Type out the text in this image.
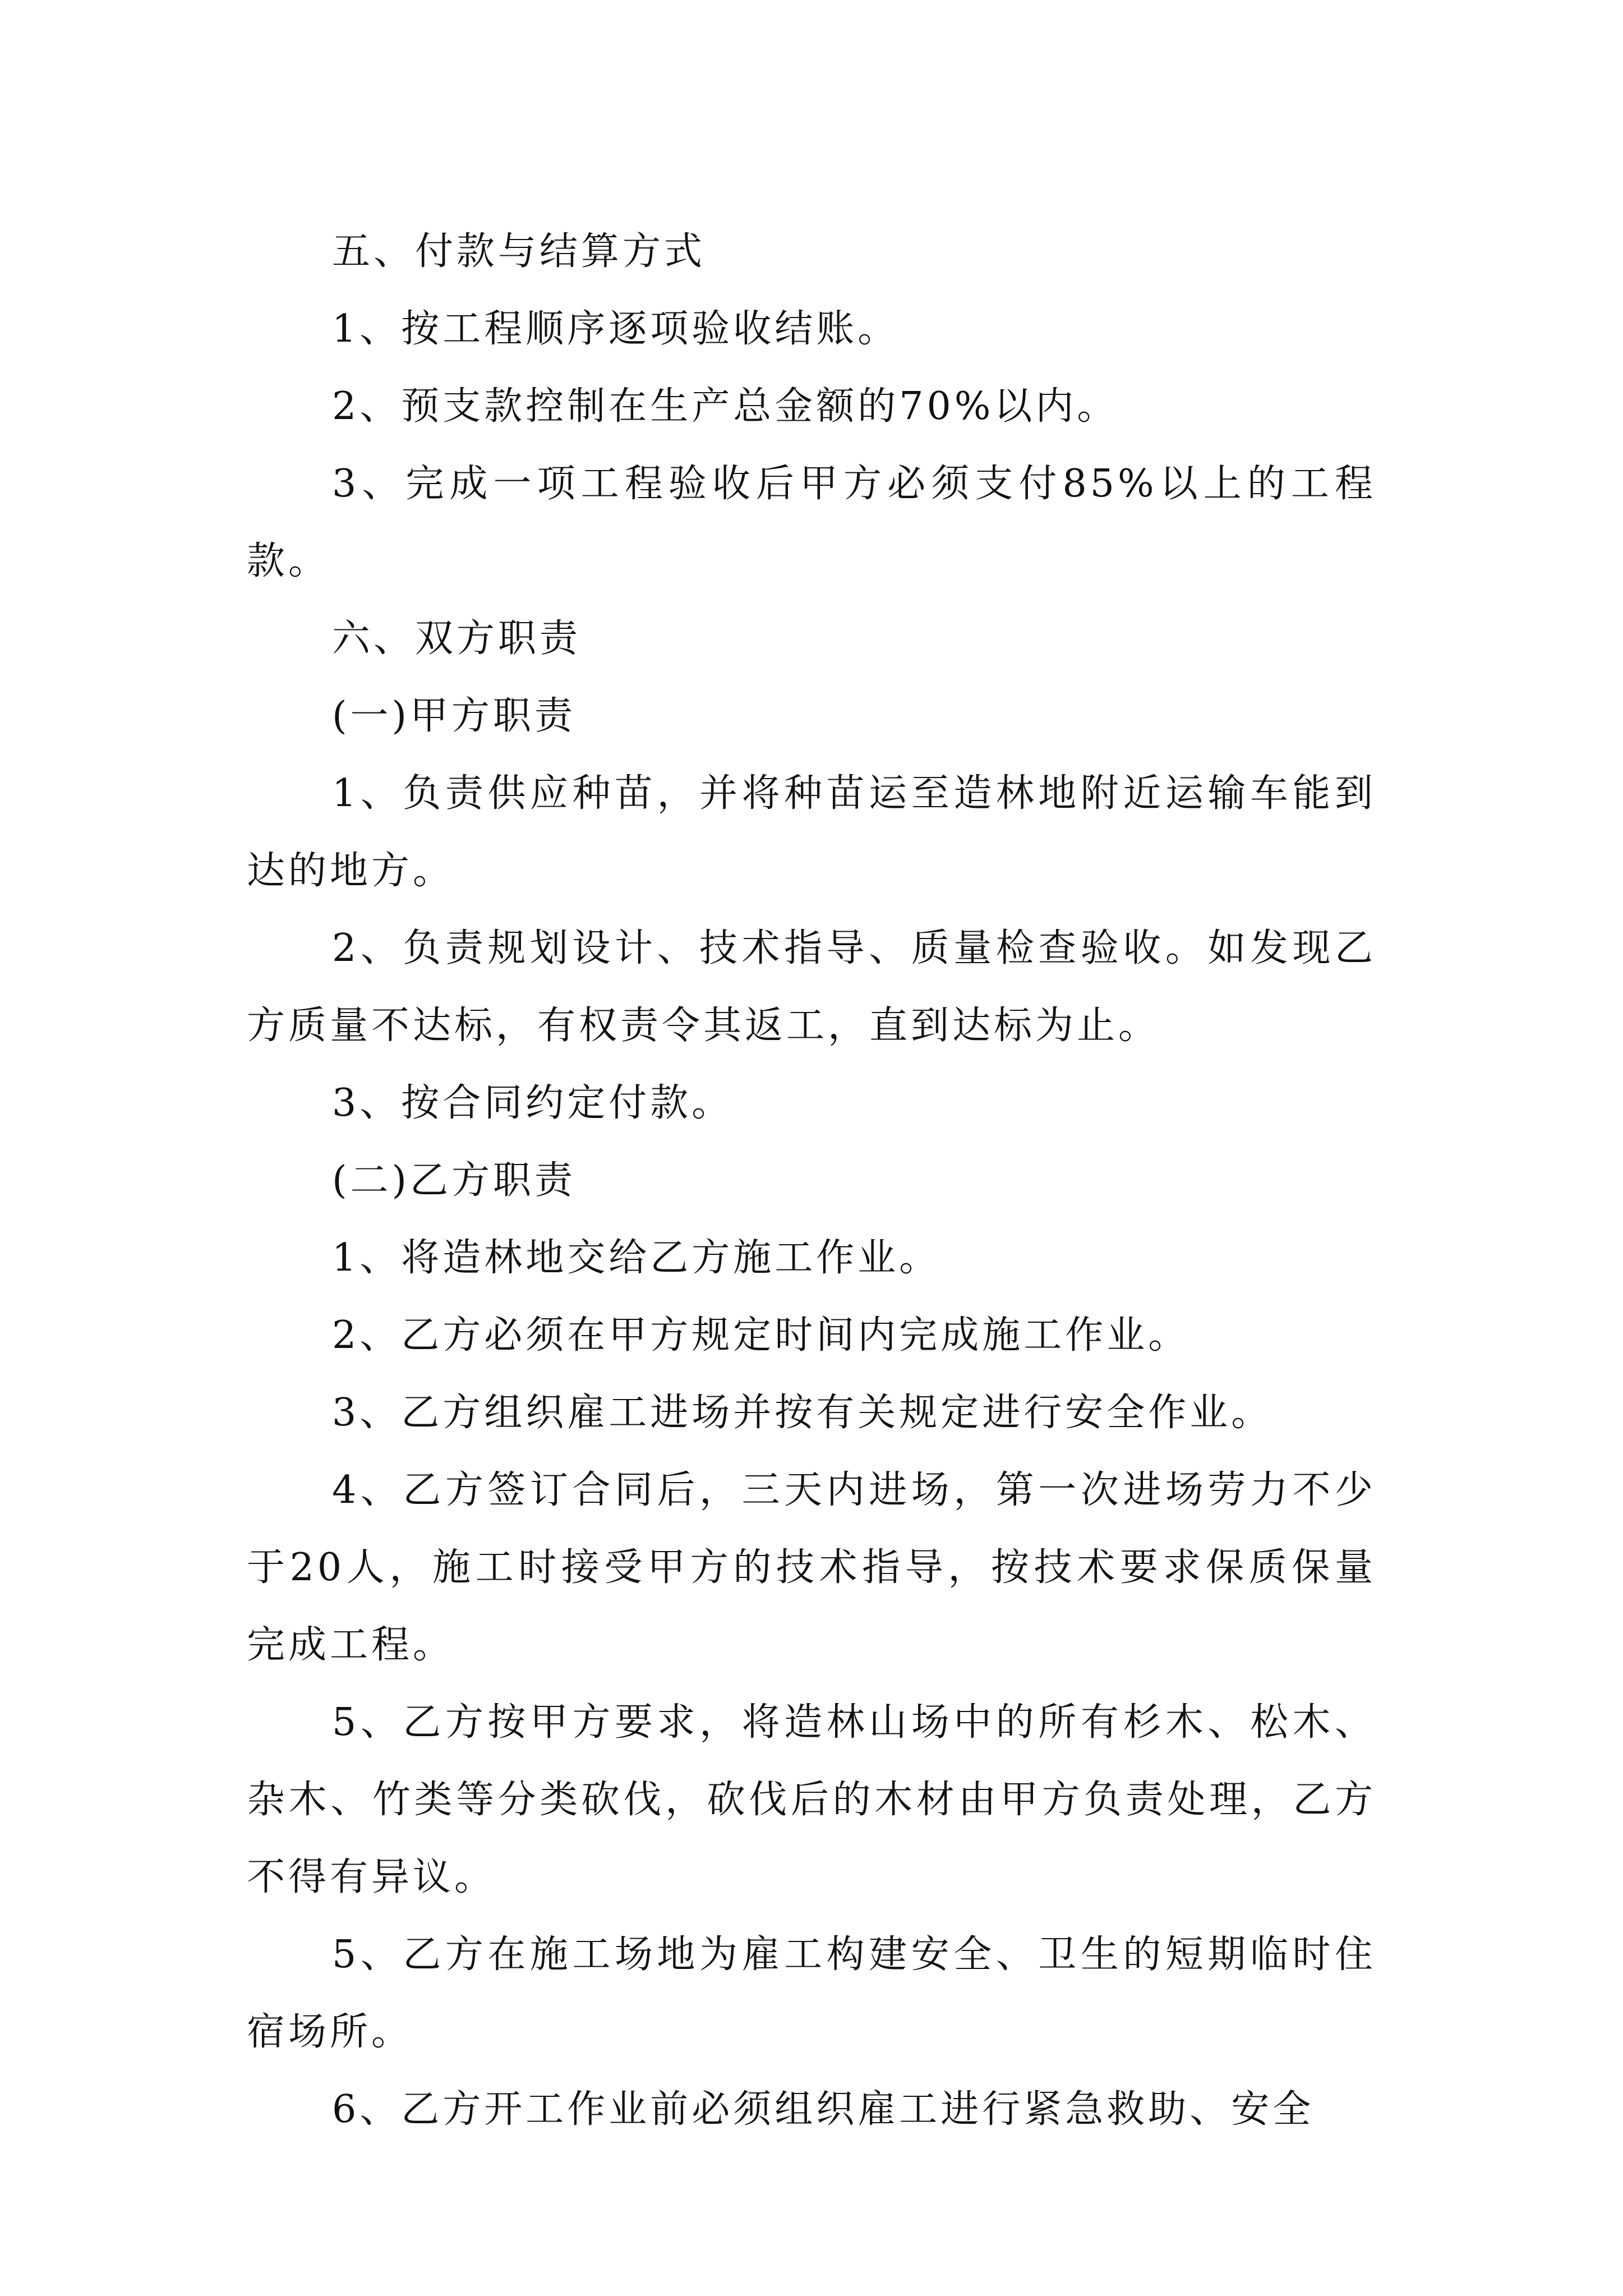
五、付款与结算方式

1、按工程顺序逐项验收结账。

2、预支款控制在生产总金额的70%以内。

3、完成一项工程验收后甲方必须支付85%以上的工程款。

六、双方职责

(一)甲方职责

1、负责供应种苗，并将种苗运至造林地附近运输车能到达的地方。

2、负责规划设计、技术指导、质量检查验收。如发现乙方质量不达标，有权责令其返工，直到达标为止。

3、按合同约定付款。

(二)乙方职责

1、将造林地交给乙方施工作业。

2、乙方必须在甲方规定时间内完成施工作业。

3、乙方组织雇工进场并按有关规定进行安全作业。

4、乙方签订合同后，三天内进场，第一次进场劳力不少于20人，施工时接受甲方的技术指导，按技术要求保质保量完成工程。

5、乙方按甲方要求，将造林山场中的所有杉木、松木、杂木、竹类等分类砍伐，砍伐后的木材由甲方负责处理，乙方不得有异议。

5、乙方在施工场地为雇工构建安全、卫生的短期临时住宿场所。

6、乙方开工作业前必须组织雇工进行紧急救助、安全
